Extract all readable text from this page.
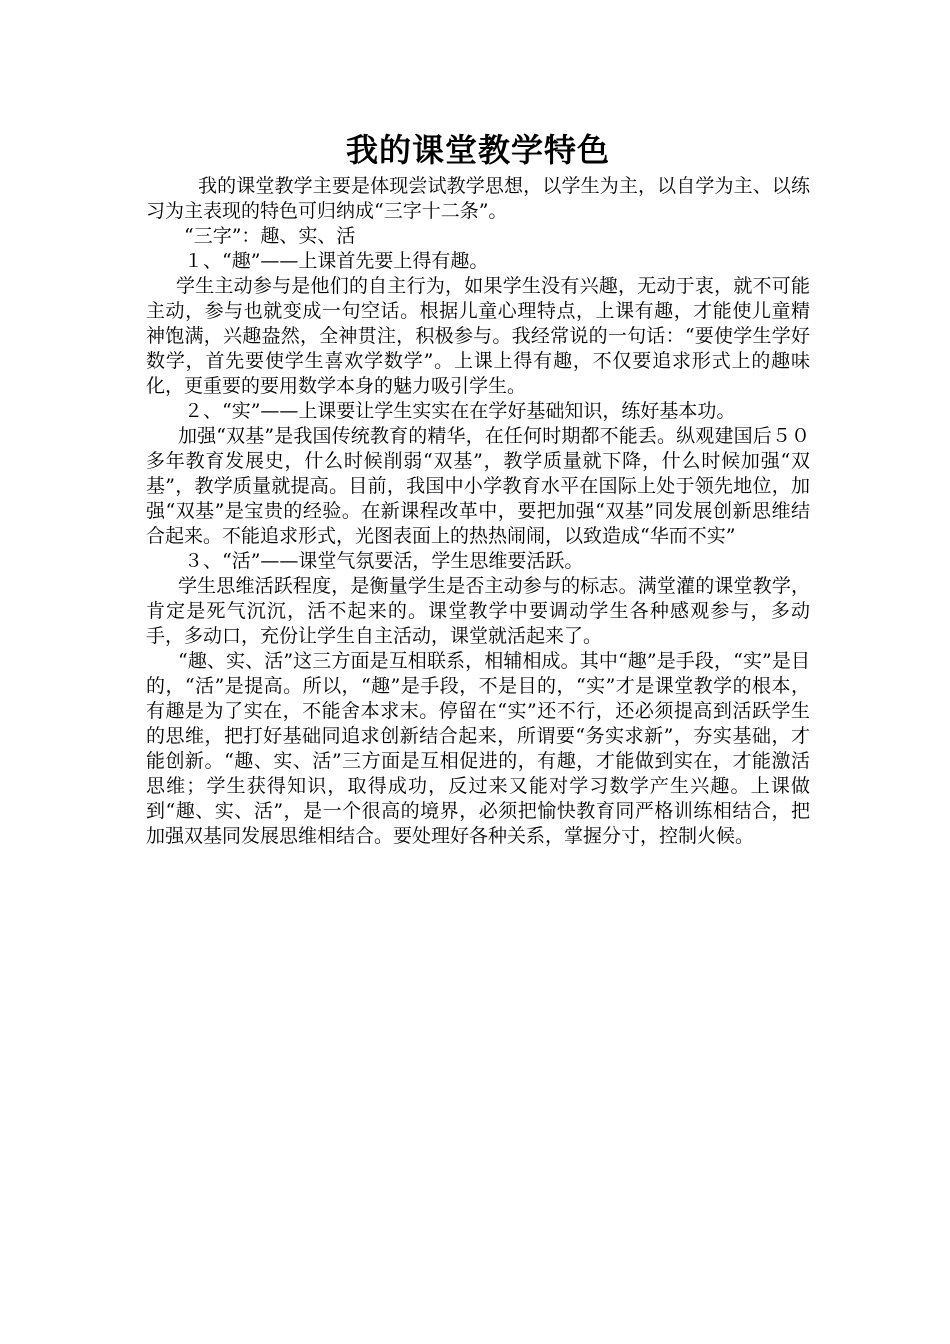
我的课堂教学特色

我的课堂教学主要是体现尝试教学思想，以学生为主，以自学为主、以练习为主表现的特色可归纳成“三字十二条”。

“三字”：趣、实、活

１、“趣”——上课首先要上得有趣。

学生主动参与是他们的自主行为，如果学生没有兴趣，无动于衷，就不可能主动，参与也就变成一句空话。根据儿童心理特点，上课有趣，才能使儿童精神饱满，兴趣盎然，全神贯注，积极参与。我经常说的一句话：“要使学生学好数学，首先要使学生喜欢学数学”。上课上得有趣，不仅要追求形式上的趣味化，更重要的要用数学本身的魅力吸引学生。

２、“实”——上课要让学生实实在在学好基础知识，练好基本功。

加强“双基”是我国传统教育的精华，在任何时期都不能丢。纵观建国后５０多年教育发展史，什么时候削弱“双基”，教学质量就下降，什么时候加强“双基”，教学质量就提高。目前，我国中小学教育水平在国际上处于领先地位，加强“双基”是宝贵的经验。在新课程改革中，要把加强“双基”同发展创新思维结合起来。不能追求形式，光图表面上的热热闹闹，以致造成“华而不实”

３、“活”——课堂气氛要活，学生思维要活跃。

学生思维活跃程度，是衡量学生是否主动参与的标志。满堂灌的课堂教学，肯定是死气沉沉，活不起来的。课堂教学中要调动学生各种感观参与，多动手，多动口，充份让学生自主活动，课堂就活起来了。

“趣、实、活”这三方面是互相联系，相辅相成。其中“趣”是手段，“实”是目的，“活”是提高。所以，“趣”是手段，不是目的，“实”才是课堂教学的根本，有趣是为了实在，不能舍本求末。停留在“实”还不行，还必须提高到活跃学生的思维，把打好基础同追求创新结合起来，所谓要“务实求新”，夯实基础，才能创新。“趣、实、活”三方面是互相促进的，有趣，才能做到实在，才能激活思维；学生获得知识，取得成功，反过来又能对学习数学产生兴趣。上课做到“趣、实、活”，是一个很高的境界，必须把愉快教育同严格训练相结合，把加强双基同发展思维相结合。要处理好各种关系，掌握分寸，控制火候。
